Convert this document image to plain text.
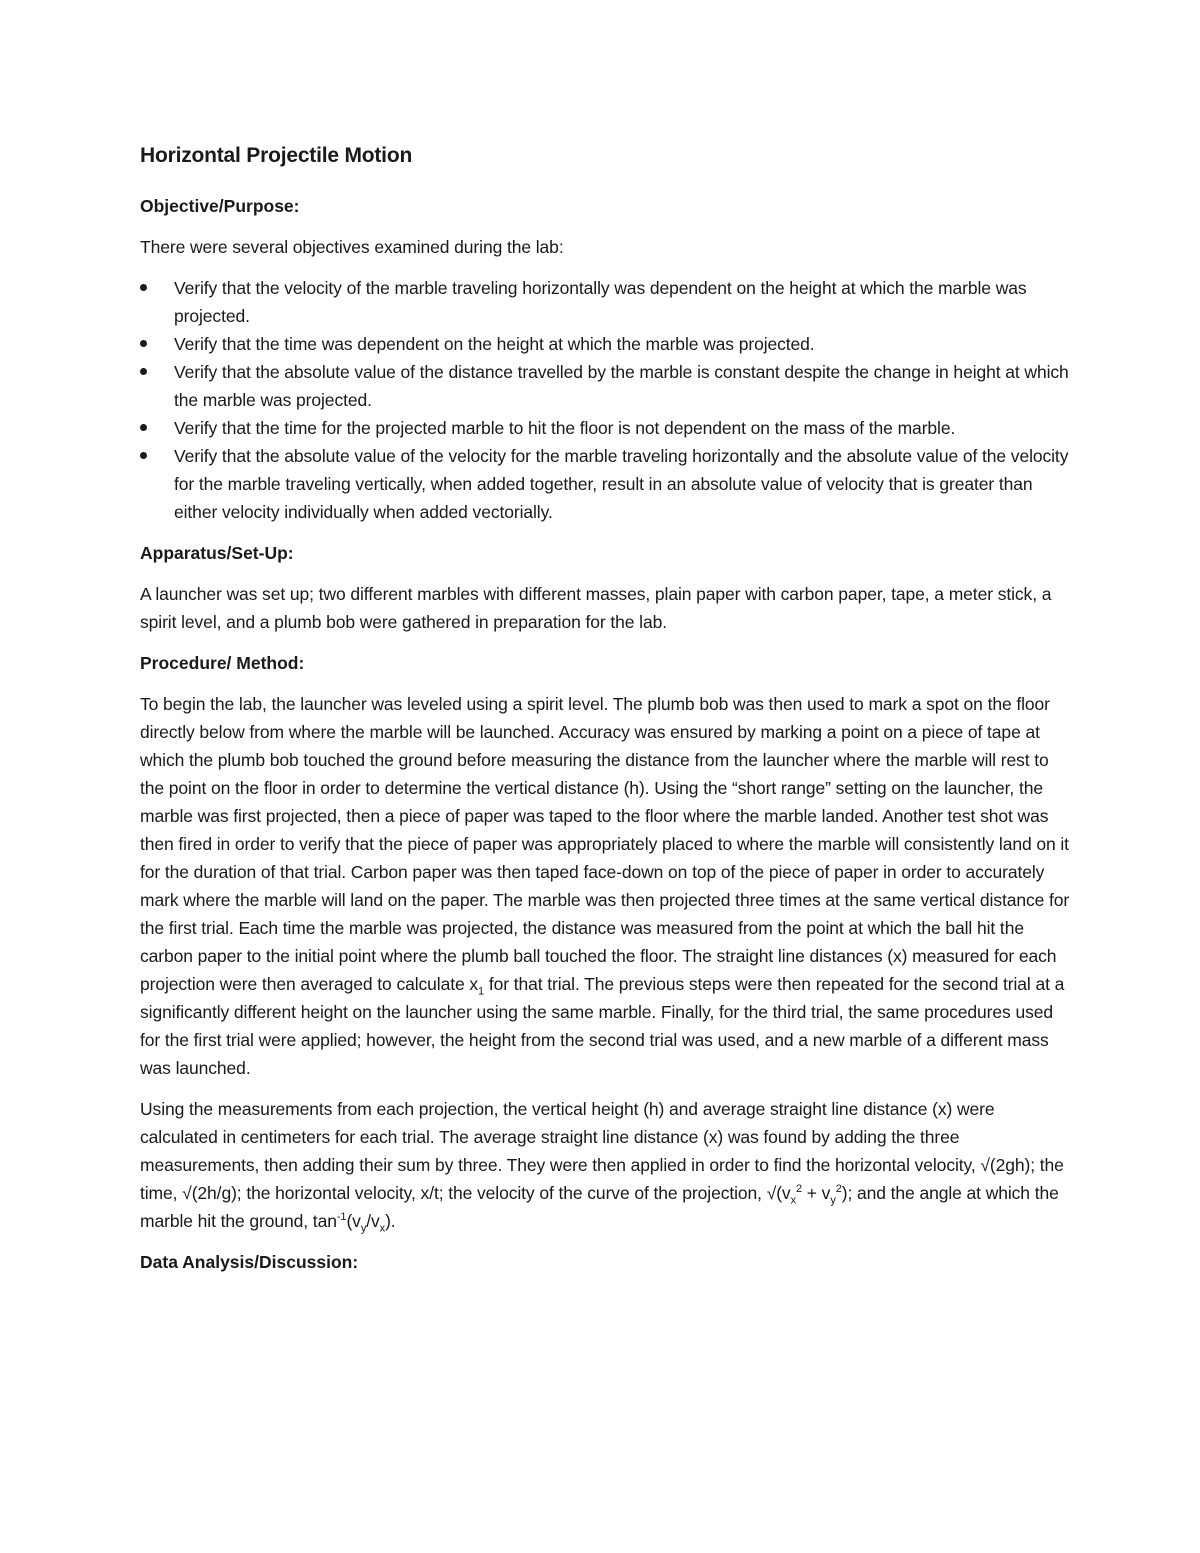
Horizontal Projectile Motion
Objective/Purpose:

There were several objectives examined during the lab:

Verify that the velocity of the marble traveling horizontally was dependent on the height at which the marble was projected.
Verify that the time was dependent on the height at which the marble was projected.
Verify that the absolute value of the distance travelled by the marble is constant despite the change in height at which the marble was projected.
Verify that the time for the projected marble to hit the floor is not dependent on the mass of the marble.
Verify that the absolute value of the velocity for the marble traveling horizontally and the absolute value of the velocity for the marble traveling vertically, when added together, result in an absolute value of velocity that is greater than either velocity individually when added vectorially.
Apparatus/Set-Up:

A launcher was set up; two different marbles with different masses, plain paper with carbon paper, tape, a meter stick, a spirit level, and a plumb bob were gathered in preparation for the lab.

Procedure/ Method:

To begin the lab, the launcher was leveled using a spirit level. The plumb bob was then used to mark a spot on the floor directly below from where the marble will be launched. Accuracy was ensured by marking a point on a piece of tape at which the plumb bob touched the ground before measuring the distance from the launcher where the marble will rest to the point on the floor in order to determine the vertical distance (h). Using the “short range” setting on the launcher, the marble was first projected, then a piece of paper was taped to the floor where the marble landed. Another test shot was then fired in order to verify that the piece of paper was appropriately placed to where the marble will consistently land on it for the duration of that trial. Carbon paper was then taped face-down on top of the piece of paper in order to accurately mark where the marble will land on the paper. The marble was then projected three times at the same vertical distance for the first trial. Each time the marble was projected, the distance was measured from the point at which the ball hit the carbon paper to the initial point where the plumb ball touched the floor. The straight line distances (x) measured for each projection were then averaged to calculate $x_1$ for that trial. The previous steps were then repeated for the second trial at a significantly different height on the launcher using the same marble. Finally, for the third trial, the same procedures used for the first trial were applied; however, the height from the second trial was used, and a new marble of a different mass was launched.

Using the measurements from each projection, the vertical height (h) and average straight line distance (x) were calculated in centimeters for each trial. The average straight line distance (x) was found by adding the three measurements, then adding their sum by three. They were then applied in order to find the horizontal velocity, √(2gh); the time, √(2h/g); the horizontal velocity, x/t; the velocity of the curve of the projection, $√(v_x^2 + v_y^2)$; and the angle at which the marble hit the ground, $\tan^{-1}(v_y/v_x)$.

Data Analysis/Discussion:
